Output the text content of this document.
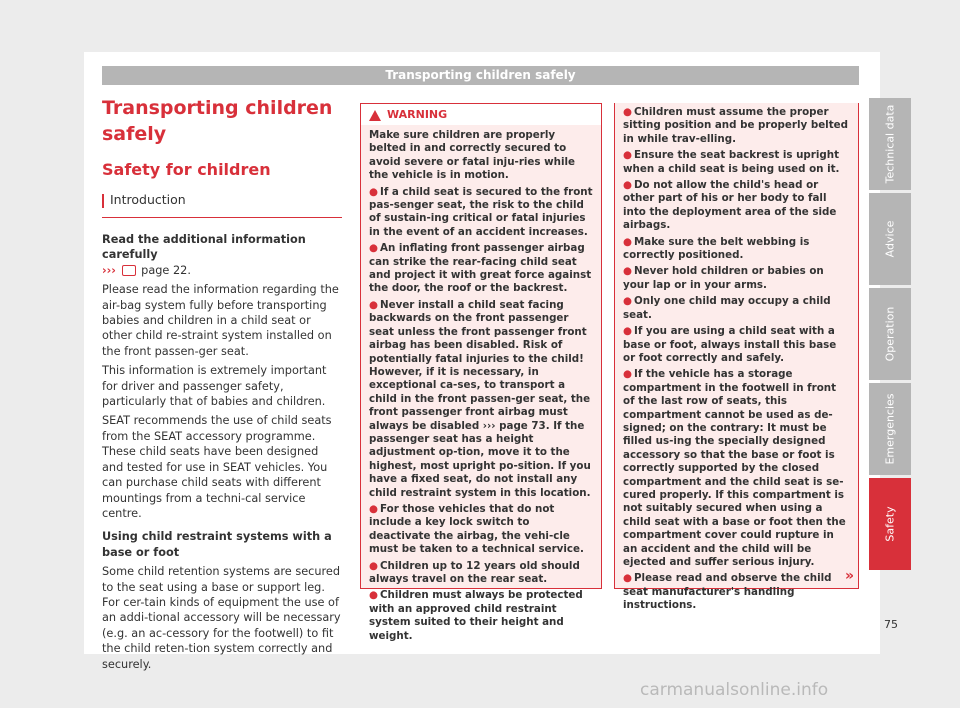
Transporting children safely
Transporting children safely
Safety for children
Introduction

Read the additional information carefully
››› page 22.

Please read the information regarding the air-bag system fully before transporting babies and children in a child seat or other child re-straint system installed on the front passen-ger seat.

This information is extremely important for driver and passenger safety, particularly that of babies and children.

SEAT recommends the use of child seats from the SEAT accessory programme. These child seats have been designed and tested for use in SEAT vehicles. You can purchase child seats with different mountings from a techni-cal service centre.

Using child restraint systems with a base or foot

Some child retention systems are secured to the seat using a base or support leg. For cer-tain kinds of equipment the use of an addi-tional accessory will be necessary (e.g. an ac-cessory for the footwell) to fit the child reten-tion system correctly and securely.

WARNING

Make sure children are properly belted in and correctly secured to avoid severe or fatal inju-ries while the vehicle is in motion.

● If a child seat is secured to the front pas-senger seat, the risk to the child of sustain-ing critical or fatal injuries in the event of an accident increases.

● An inflating front passenger airbag can strike the rear-facing child seat and project it with great force against the door, the roof or the backrest.

● Never install a child seat facing backwards on the front passenger seat unless the front passenger front airbag has been disabled. Risk of potentially fatal injuries to the child! However, if it is necessary, in exceptional ca-ses, to transport a child in the front passen-ger seat, the front passenger front airbag must always be disabled ››› page 73. If the passenger seat has a height adjustment op-tion, move it to the highest, most upright po-sition. If you have a fixed seat, do not install any child restraint system in this location.

● For those vehicles that do not include a key lock switch to deactivate the airbag, the vehi-cle must be taken to a technical service.

● Children up to 12 years old should always travel on the rear seat.

● Children must always be protected with an approved child restraint system suited to their height and weight.

● Children must assume the proper sitting position and be properly belted in while trav-elling.

● Ensure the seat backrest is upright when a child seat is being used on it.

● Do not allow the child's head or other part of his or her body to fall into the deployment area of the side airbags.

● Make sure the belt webbing is correctly positioned.

● Never hold children or babies on your lap or in your arms.

● Only one child may occupy a child seat.

● If you are using a child seat with a base or foot, always install this base or foot correctly and safely.

● If the vehicle has a storage compartment in the footwell in front of the last row of seats, this compartment cannot be used as de-signed; on the contrary: It must be filled us-ing the specially designed accessory so that the base or foot is correctly supported by the closed compartment and the child seat is se-cured properly. If this compartment is not suitably secured when using a child seat with a base or foot then the compartment cover could rupture in an accident and the child will be ejected and suffer serious injury.

● Please read and observe the child seat manufacturer's handling instructions.

»
Technical data
Advice
Operation
Emergencies
Safety
75
carmanualsonline.info
